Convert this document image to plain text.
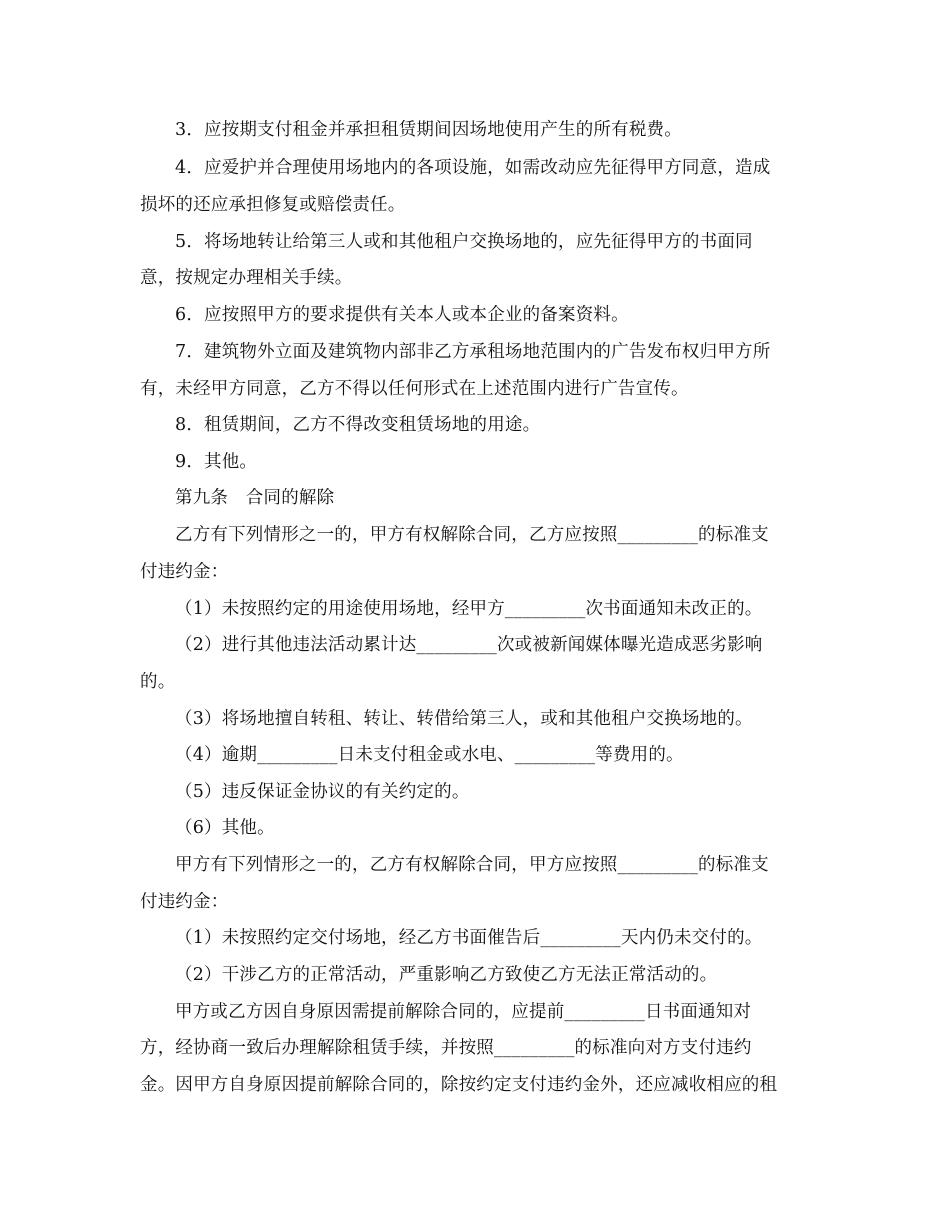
3．应按期支付租金并承担租赁期间因场地使用产生的所有税费。
4．应爱护并合理使用场地内的各项设施，如需改动应先征得甲方同意，造成
损坏的还应承担修复或赔偿责任。
5．将场地转让给第三人或和其他租户交换场地的，应先征得甲方的书面同
意，按规定办理相关手续。
6．应按照甲方的要求提供有关本人或本企业的备案资料。
7．建筑物外立面及建筑物内部非乙方承租场地范围内的广告发布权归甲方所
有，未经甲方同意，乙方不得以任何形式在上述范围内进行广告宣传。
8．租赁期间，乙方不得改变租赁场地的用途。
9．其他。
第九条　合同的解除
乙方有下列情形之一的，甲方有权解除合同，乙方应按照_________的标准支
付违约金：
（1）未按照约定的用途使用场地，经甲方_________次书面通知未改正的。
（2）进行其他违法活动累计达_________次或被新闻媒体曝光造成恶劣影响
的。
（3）将场地擅自转租、转让、转借给第三人，或和其他租户交换场地的。
（4）逾期_________日未支付租金或水电、_________等费用的。
（5）违反保证金协议的有关约定的。
（6）其他。
甲方有下列情形之一的，乙方有权解除合同，甲方应按照_________的标准支
付违约金：
（1）未按照约定交付场地，经乙方书面催告后_________天内仍未交付的。
（2）干涉乙方的正常活动，严重影响乙方致使乙方无法正常活动的。
甲方或乙方因自身原因需提前解除合同的，应提前_________日书面通知对
方，经协商一致后办理解除租赁手续，并按照_________的标准向对方支付违约
金。因甲方自身原因提前解除合同的，除按约定支付违约金外，还应减收相应的租
